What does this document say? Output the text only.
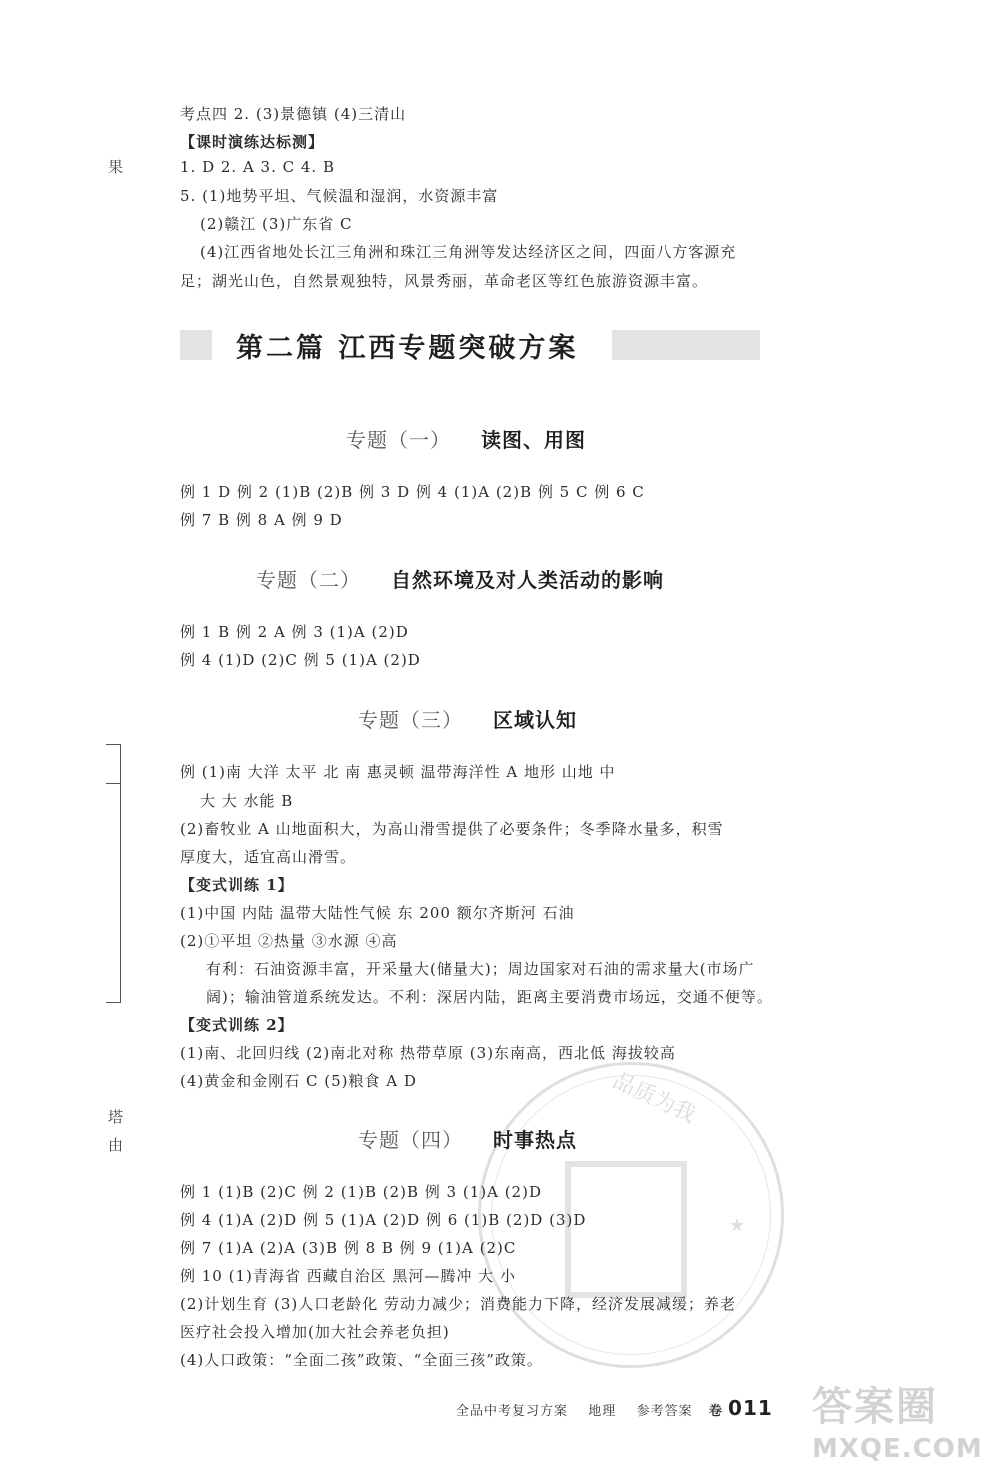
果
塔
由
考点四 2. (3)景德镇 (4)三清山
【课时演练达标测】
1. D 2. A 3. C 4. B
5. (1)地势平坦、气候温和湿润，水资源丰富
(2)赣江 (3)广东省 C
(4)江西省地处长江三角洲和珠江三角洲等发达经济区之间，四面八方客源充
足；湖光山色，自然景观独特，风景秀丽，革命老区等红色旅游资源丰富。
第二篇 江西专题突破方案
专题（一） 读图、用图
例 1 D 例 2 (1)B (2)B 例 3 D 例 4 (1)A (2)B 例 5 C 例 6 C
例 7 B 例 8 A 例 9 D
专题（二） 自然环境及对人类活动的影响
例 1 B 例 2 A 例 3 (1)A (2)D
例 4 (1)D (2)C 例 5 (1)A (2)D
专题（三） 区域认知
例 (1)南 大洋 太平 北 南 惠灵顿 温带海洋性 A 地形 山地 中
大 大 水能 B
(2)畜牧业 A 山地面积大，为高山滑雪提供了必要条件；冬季降水量多，积雪
厚度大，适宜高山滑雪。
【变式训练 1】
(1)中国 内陆 温带大陆性气候 东 200 额尔齐斯河 石油
(2)①平坦 ②热量 ③水源 ④高
有利：石油资源丰富，开采量大(储量大)；周边国家对石油的需求量大(市场广
阔)；输油管道系统发达。不利：深居内陆，距离主要消费市场远，交通不便等。
【变式训练 2】
(1)南、北回归线 (2)南北对称 热带草原 (3)东南高，西北低 海拔较高
(4)黄金和金刚石 C (5)粮食 A D	品质为我
★
专题（四） 时事热点
例 1 (1)B (2)C 例 2 (1)B (2)B 例 3 (1)A (2)D
例 4 (1)A (2)D 例 5 (1)A (2)D 例 6 (1)B (2)D (3)D
例 7 (1)A (2)A (3)B 例 8 B 例 9 (1)A (2)C
例 10 (1)青海省 西藏自治区 黑河—腾冲 大 小
(2)计划生育 (3)人口老龄化 劳动力减少；消费能力下降，经济发展减缓；养老
医疗社会投入增加(加大社会养老负担)
(4)人口政策：“全面二孩”政策、“全面三孩”政策。
全品中考复习方案 地理 参考答案 卷 011 答案圈
MXQE.COM
